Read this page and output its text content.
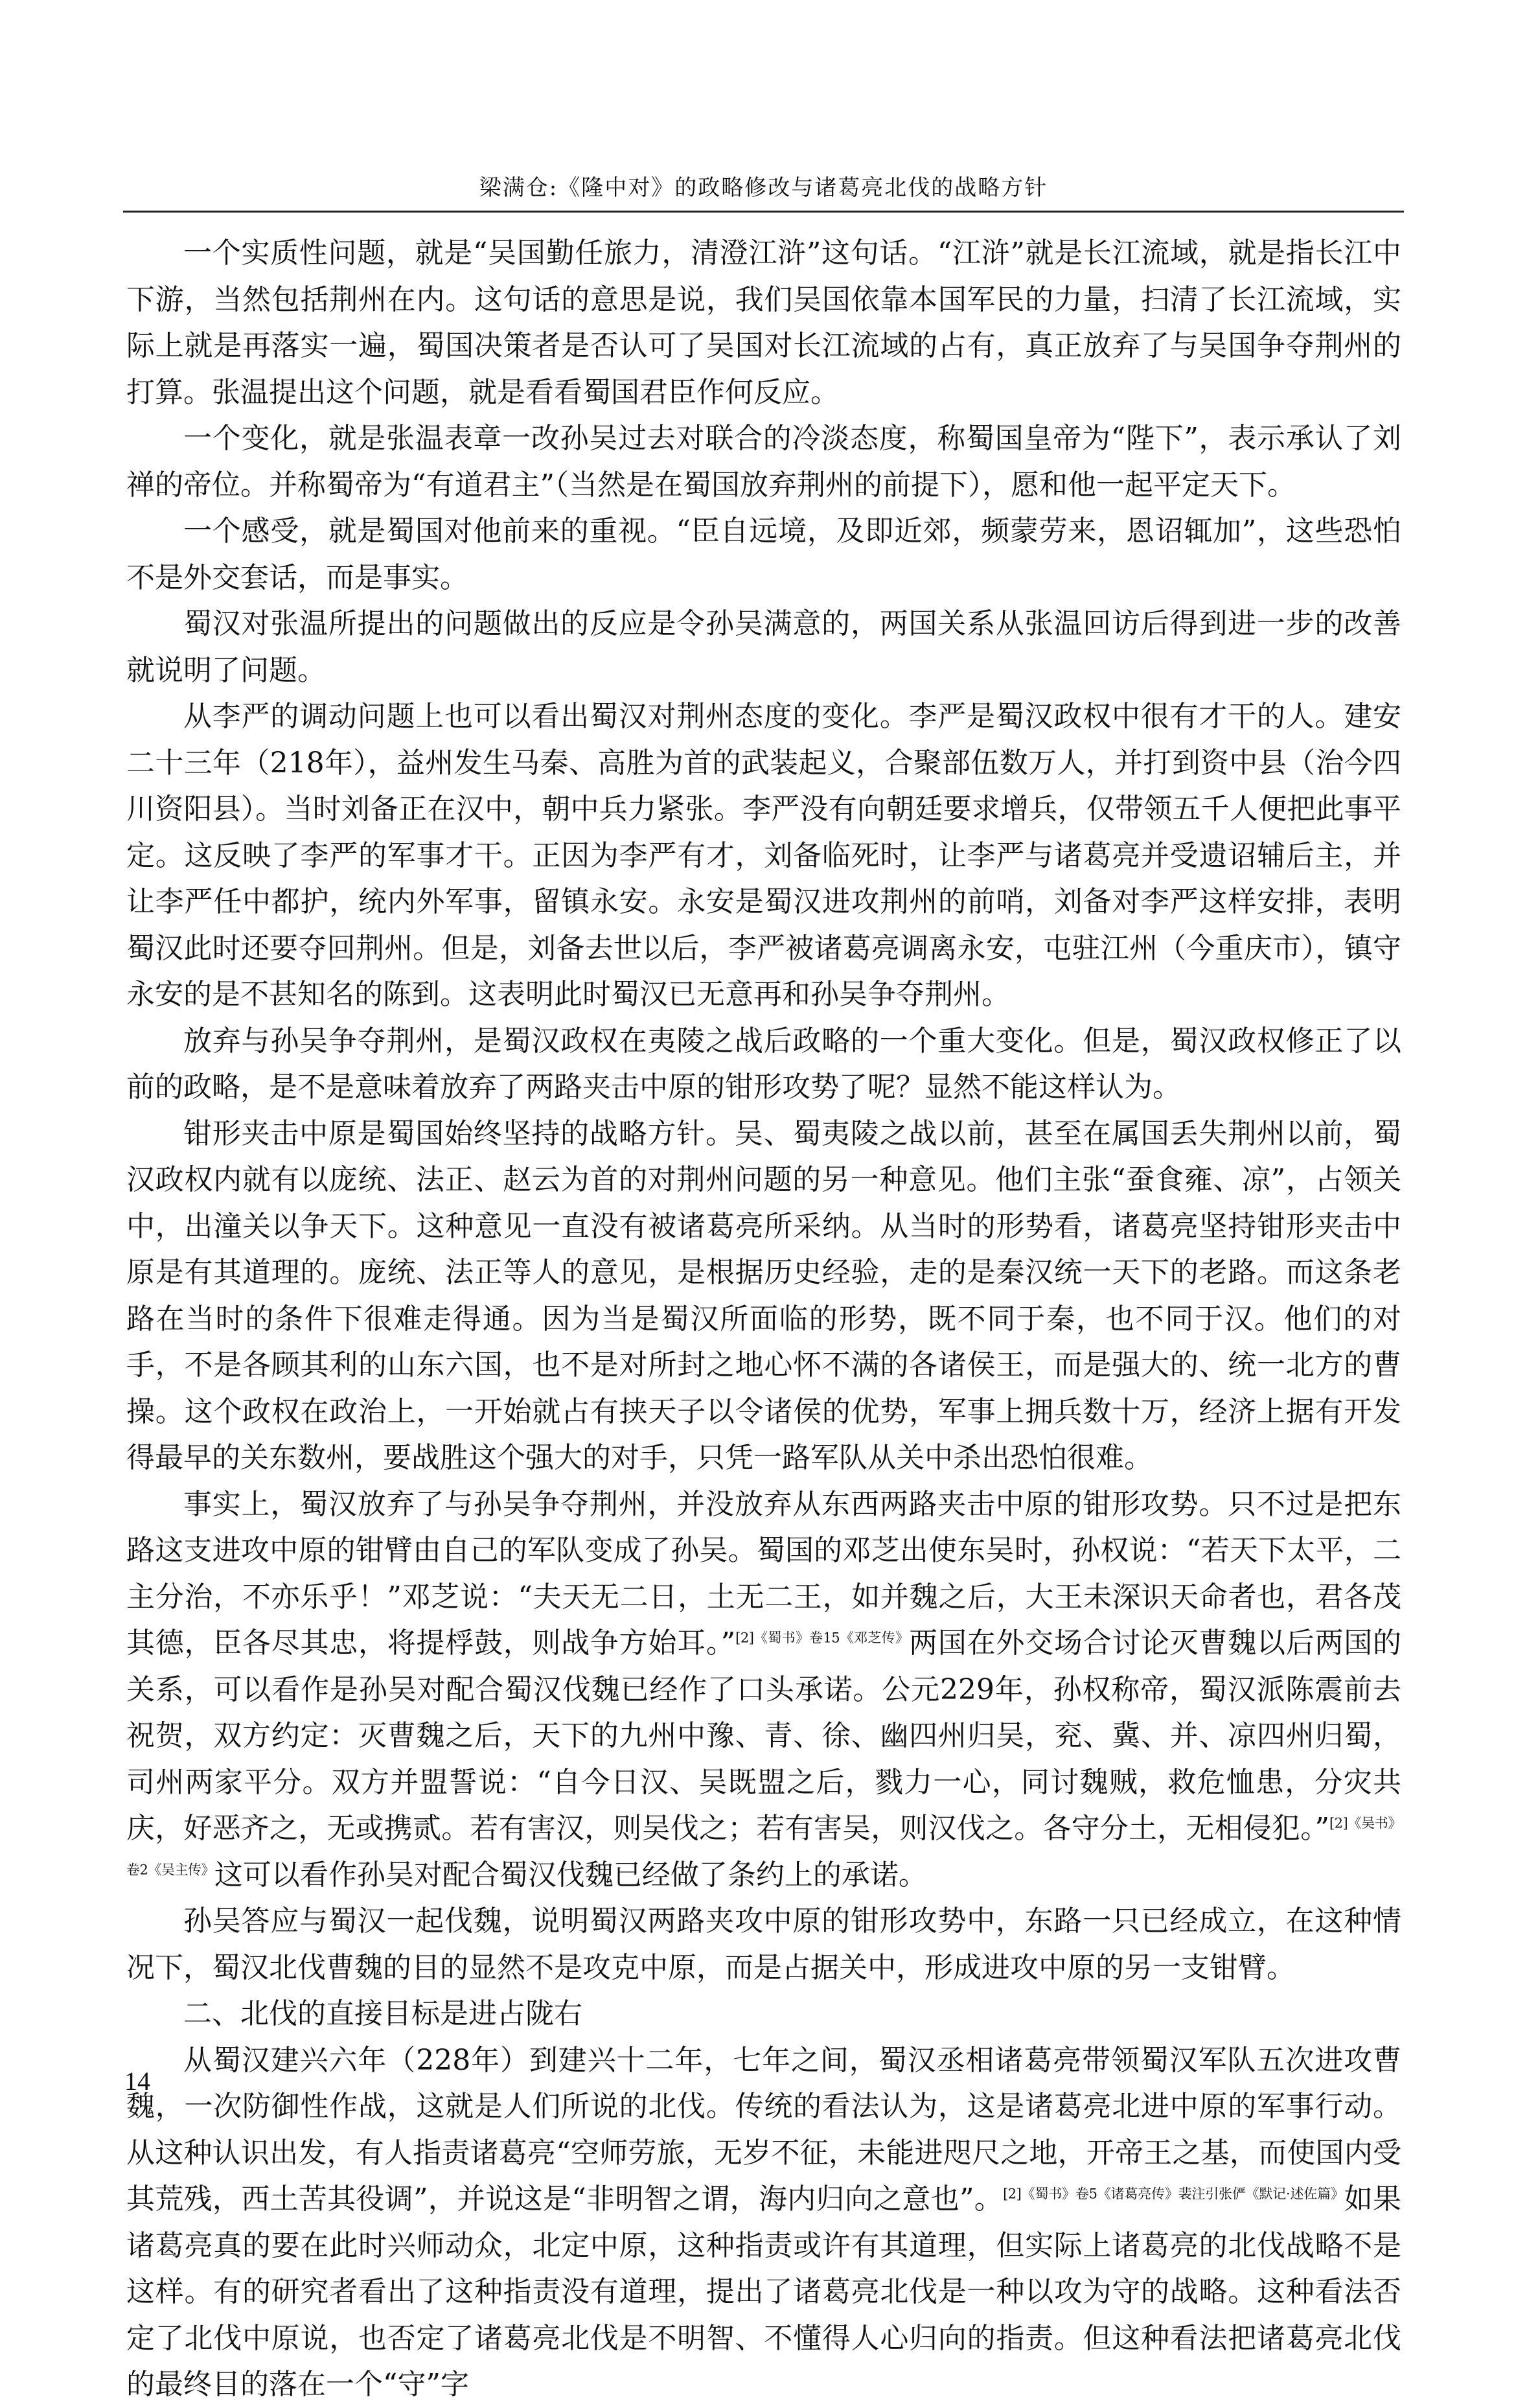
梁满仓:《隆中对》的政略修改与诸葛亮北伐的战略方针

一个实质性问题，就是“吴国勤任旅力，清澄江浒”这句话。“江浒”就是长江流域，就是指长江中下游，当然包括荆州在内。这句话的意思是说，我们吴国依靠本国军民的力量，扫清了长江流域，实际上就是再落实一遍，蜀国决策者是否认可了吴国对长江流域的占有，真正放弃了与吴国争夺荆州的打算。张温提出这个问题，就是看看蜀国君臣作何反应。

一个变化，就是张温表章一改孙吴过去对联合的冷淡态度，称蜀国皇帝为“陛下”，表示承认了刘禅的帝位。并称蜀帝为“有道君主”（当然是在蜀国放弃荆州的前提下），愿和他一起平定天下。

一个感受，就是蜀国对他前来的重视。“臣自远境，及即近郊，频蒙劳来，恩诏辄加”，这些恐怕不是外交套话，而是事实。

蜀汉对张温所提出的问题做出的反应是令孙吴满意的，两国关系从张温回访后得到进一步的改善就说明了问题。

从李严的调动问题上也可以看出蜀汉对荆州态度的变化。李严是蜀汉政权中很有才干的人。建安二十三年（218年），益州发生马秦、高胜为首的武装起义，合聚部伍数万人，并打到资中县（治今四川资阳县）。当时刘备正在汉中，朝中兵力紧张。李严没有向朝廷要求增兵，仅带领五千人便把此事平定。这反映了李严的军事才干。正因为李严有才，刘备临死时，让李严与诸葛亮并受遗诏辅后主，并让李严任中都护，统内外军事，留镇永安。永安是蜀汉进攻荆州的前哨，刘备对李严这样安排，表明蜀汉此时还要夺回荆州。但是，刘备去世以后，李严被诸葛亮调离永安，屯驻江州（今重庆市），镇守永安的是不甚知名的陈到。这表明此时蜀汉已无意再和孙吴争夺荆州。

放弃与孙吴争夺荆州，是蜀汉政权在夷陵之战后政略的一个重大变化。但是，蜀汉政权修正了以前的政略，是不是意味着放弃了两路夹击中原的钳形攻势了呢？显然不能这样认为。

钳形夹击中原是蜀国始终坚持的战略方针。吴、蜀夷陵之战以前，甚至在属国丢失荆州以前，蜀汉政权内就有以庞统、法正、赵云为首的对荆州问题的另一种意见。他们主张“蚕食雍、凉”，占领关中，出潼关以争天下。这种意见一直没有被诸葛亮所采纳。从当时的形势看，诸葛亮坚持钳形夹击中原是有其道理的。庞统、法正等人的意见，是根据历史经验，走的是秦汉统一天下的老路。而这条老路在当时的条件下很难走得通。因为当是蜀汉所面临的形势，既不同于秦，也不同于汉。他们的对手，不是各顾其利的山东六国，也不是对所封之地心怀不满的各诸侯王，而是强大的、统一北方的曹操。这个政权在政治上，一开始就占有挟天子以令诸侯的优势，军事上拥兵数十万，经济上据有开发得最早的关东数州，要战胜这个强大的对手，只凭一路军队从关中杀出恐怕很难。

事实上，蜀汉放弃了与孙吴争夺荆州，并没放弃从东西两路夹击中原的钳形攻势。只不过是把东路这支进攻中原的钳臂由自己的军队变成了孙吴。蜀国的邓芝出使东吴时，孙权说：“若天下太平，二主分治，不亦乐乎！”邓芝说：“夫天无二日，土无二王，如并魏之后，大王未深识天命者也，君各茂其德，臣各尽其忠，将提桴鼓，则战争方始耳。”$^{[2]《蜀书》卷15《邓芝传》}$两国在外交场合讨论灭曹魏以后两国的关系，可以看作是孙吴对配合蜀汉伐魏已经作了口头承诺。公元229年，孙权称帝，蜀汉派陈震前去祝贺，双方约定：灭曹魏之后，天下的九州中豫、青、徐、幽四州归吴，兖、冀、并、凉四州归蜀，司州两家平分。双方并盟誓说：“自今日汉、吴既盟之后，戮力一心，同讨魏贼，救危恤患，分灾共庆，好恶齐之，无或携贰。若有害汉，则吴伐之；若有害吴，则汉伐之。各守分土，无相侵犯。”$^{[2]《吴书》卷2《吴主传》}$这可以看作孙吴对配合蜀汉伐魏已经做了条约上的承诺。

孙吴答应与蜀汉一起伐魏，说明蜀汉两路夹攻中原的钳形攻势中，东路一只已经成立，在这种情况下，蜀汉北伐曹魏的目的显然不是攻克中原，而是占据关中，形成进攻中原的另一支钳臂。

二、北伐的直接目标是进占陇右

从蜀汉建兴六年（228年）到建兴十二年，七年之间，蜀汉丞相诸葛亮带领蜀汉军队五次进攻曹魏，一次防御性作战，这就是人们所说的北伐。传统的看法认为，这是诸葛亮北进中原的军事行动。从这种认识出发，有人指责诸葛亮“空师劳旅，无岁不征，未能进咫尺之地，开帝王之基，而使国内受其荒残，西土苦其役调”，并说这是“非明智之谓，海内归向之意也”。$^{[2]《蜀书》卷5《诸葛亮传》裴注引张俨《默记\cdot 述佐篇》}$如果诸葛亮真的要在此时兴师动众，北定中原，这种指责或许有其道理，但实际上诸葛亮的北伐战略不是这样。有的研究者看出了这种指责没有道理，提出了诸葛亮北伐是一种以攻为守的战略。这种看法否定了北伐中原说，也否定了诸葛亮北伐是不明智、不懂得人心归向的指责。但这种看法把诸葛亮北伐的最终目的落在一个“守”字

14
